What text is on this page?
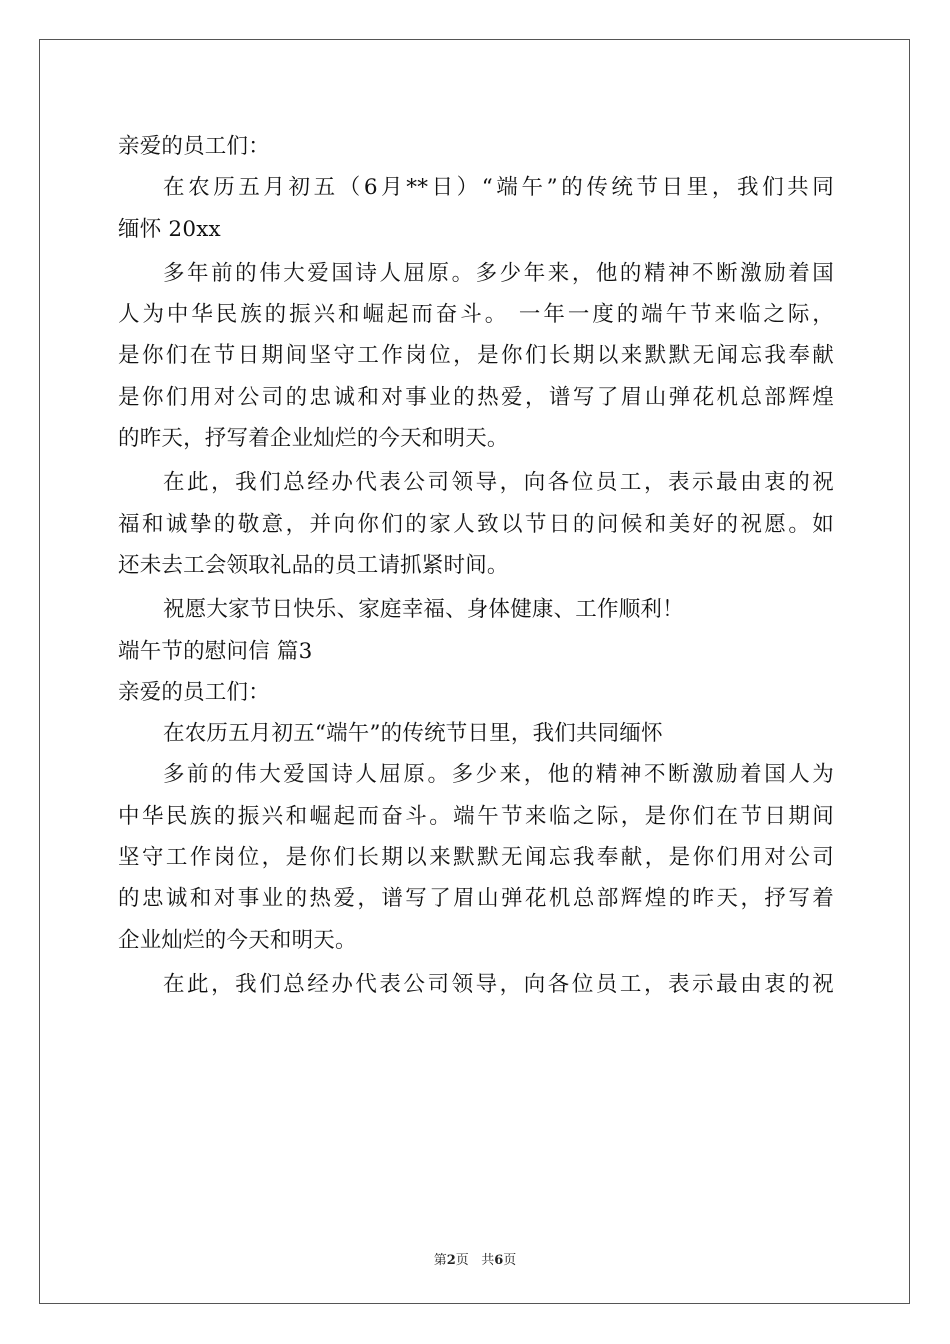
亲爱的员工们：
在农历五月初五（6月**日）“端午”的传统节日里，我们共同
缅怀 20xx
多年前的伟大爱国诗人屈原。多少年来，他的精神不断激励着国
人为中华民族的振兴和崛起而奋斗。 一年一度的端午节来临之际，
是你们在节日期间坚守工作岗位，是你们长期以来默默无闻忘我奉献
是你们用对公司的忠诚和对事业的热爱，谱写了眉山弹花机总部辉煌
的昨天，抒写着企业灿烂的今天和明天。
在此，我们总经办代表公司领导，向各位员工，表示最由衷的祝
福和诚挚的敬意，并向你们的家人致以节日的问候和美好的祝愿。如
还未去工会领取礼品的员工请抓紧时间。
祝愿大家节日快乐、家庭幸福、身体健康、工作顺利！
端午节的慰问信 篇3
亲爱的员工们：
在农历五月初五“端午”的传统节日里，我们共同缅怀
多前的伟大爱国诗人屈原。多少来，他的精神不断激励着国人为
中华民族的振兴和崛起而奋斗。端午节来临之际，是你们在节日期间
坚守工作岗位，是你们长期以来默默无闻忘我奉献，是你们用对公司
的忠诚和对事业的热爱，谱写了眉山弹花机总部辉煌的昨天，抒写着
企业灿烂的今天和明天。
在此，我们总经办代表公司领导，向各位员工，表示最由衷的祝
第2页 共6页
